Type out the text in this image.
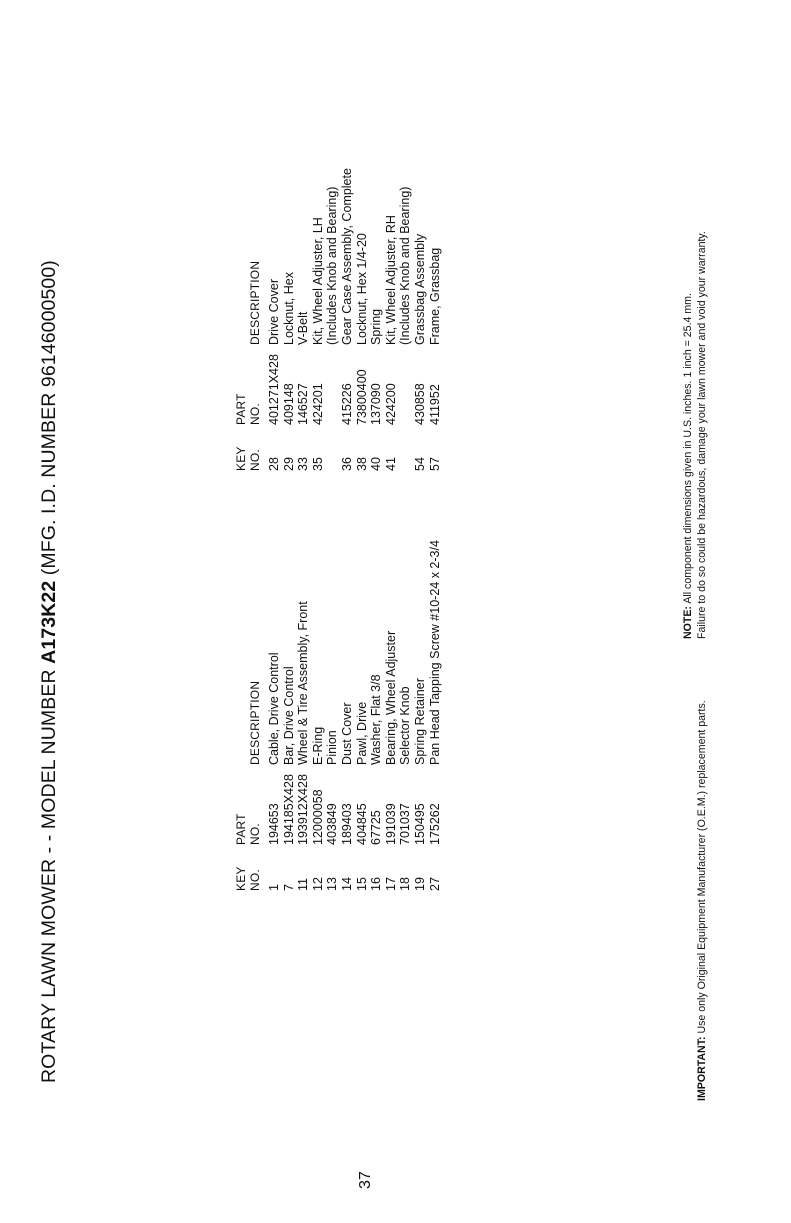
ROTARY LAWN MOWER - - MODEL NUMBER A173K22 (MFG. I.D. NUMBER 96146000500)
KEY
NO.	PART
NO.	DESCRIPTION
1	194653	Cable, Drive Control
7	194185X428	Bar, Drive Control
11	193912X428	Wheel & Tire Assembly, Front
12	12000058	E-Ring
13	403849	Pinion
14	189403	Dust Cover
15	404845	Pawl, Drive
16	67725	Washer, Flat 3/8
17	191039	Bearing, Wheel Adjuster
18	701037	Selector Knob
19	150495	Spring Retainer
27	175262	Pan Head Tapping Screw #10-24 x 2-3/4
KEY
NO.	PART
NO.	DESCRIPTION
28	401271X428	Drive Cover
29	409148	Locknut, Hex
33	146527	V-Belt
35	424201	Kit, Wheel Adjuster, LH
		(Includes Knob and Bearing)
36	415226	Gear Case Assembly, Complete
38	73800400	Locknut, Hex 1/4-20
40	137090	Spring
41	424200	Kit, Wheel Adjuster, RH
		(Includes Knob and Bearing)
54	430858	Grassbag Assembly
57	411952	Frame, Grassbag

NOTE: All component dimensions given in U.S. inches. 1 inch = 25.4 mm. Failure to do so could be hazardous, damage your lawn mower and void your warranty.

IMPORTANT: Use only Original Equipment Manufacturer (O.E.M.) replacement parts.

37
